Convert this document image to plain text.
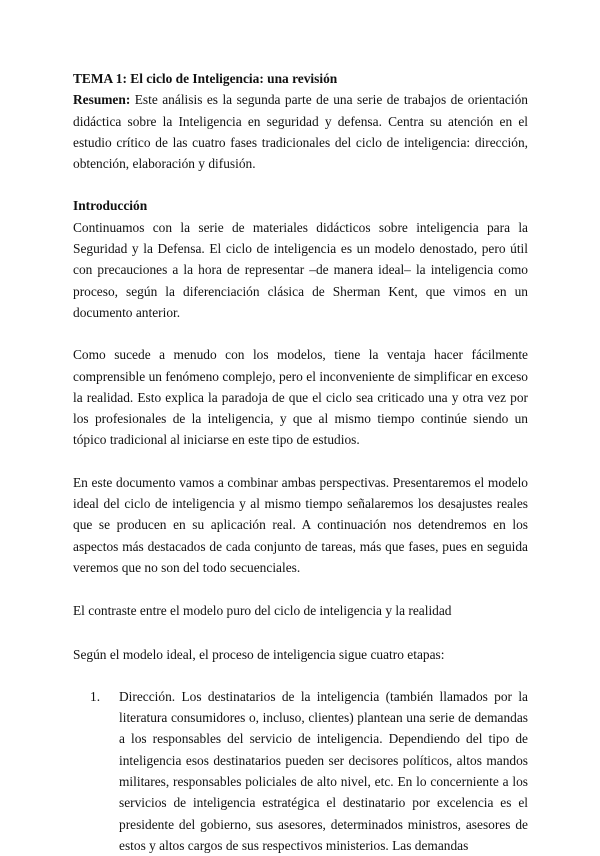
TEMA 1: El ciclo de Inteligencia: una revisión

Resumen: Este análisis es la segunda parte de una serie de trabajos de orientación didáctica sobre la Inteligencia en seguridad y defensa. Centra su atención en el estudio crítico de las cuatro fases tradicionales del ciclo de inteligencia: dirección, obtención, elaboración y difusión.

Introducción

Continuamos con la serie de materiales didácticos sobre inteligencia para la Seguridad y la Defensa. El ciclo de inteligencia es un modelo denostado, pero útil con precauciones a la hora de representar –de manera ideal– la inteligencia como proceso, según la diferenciación clásica de Sherman Kent, que vimos en un documento anterior.

Como sucede a menudo con los modelos, tiene la ventaja hacer fácilmente comprensible un fenómeno complejo, pero el inconveniente de simplificar en exceso la realidad. Esto explica la paradoja de que el ciclo sea criticado una y otra vez por los profesionales de la inteligencia, y que al mismo tiempo continúe siendo un tópico tradicional al iniciarse en este tipo de estudios.

En este documento vamos a combinar ambas perspectivas. Presentaremos el modelo ideal del ciclo de inteligencia y al mismo tiempo señalaremos los desajustes reales que se producen en su aplicación real. A continuación nos detendremos en los aspectos más destacados de cada conjunto de tareas, más que fases, pues en seguida veremos que no son del todo secuenciales.

El contraste entre el modelo puro del ciclo de inteligencia y la realidad

Según el modelo ideal, el proceso de inteligencia sigue cuatro etapas:

1.	Dirección. Los destinatarios de la inteligencia (también llamados por la literatura consumidores o, incluso, clientes) plantean una serie de demandas a los responsables del servicio de inteligencia. Dependiendo del tipo de inteligencia esos destinatarios pueden ser decisores políticos, altos mandos militares, responsables policiales de alto nivel, etc. En lo concerniente a los servicios de inteligencia estratégica el destinatario por excelencia es el presidente del gobierno, sus asesores, determinados ministros, asesores de estos y altos cargos de sus respectivos ministerios. Las demandas
